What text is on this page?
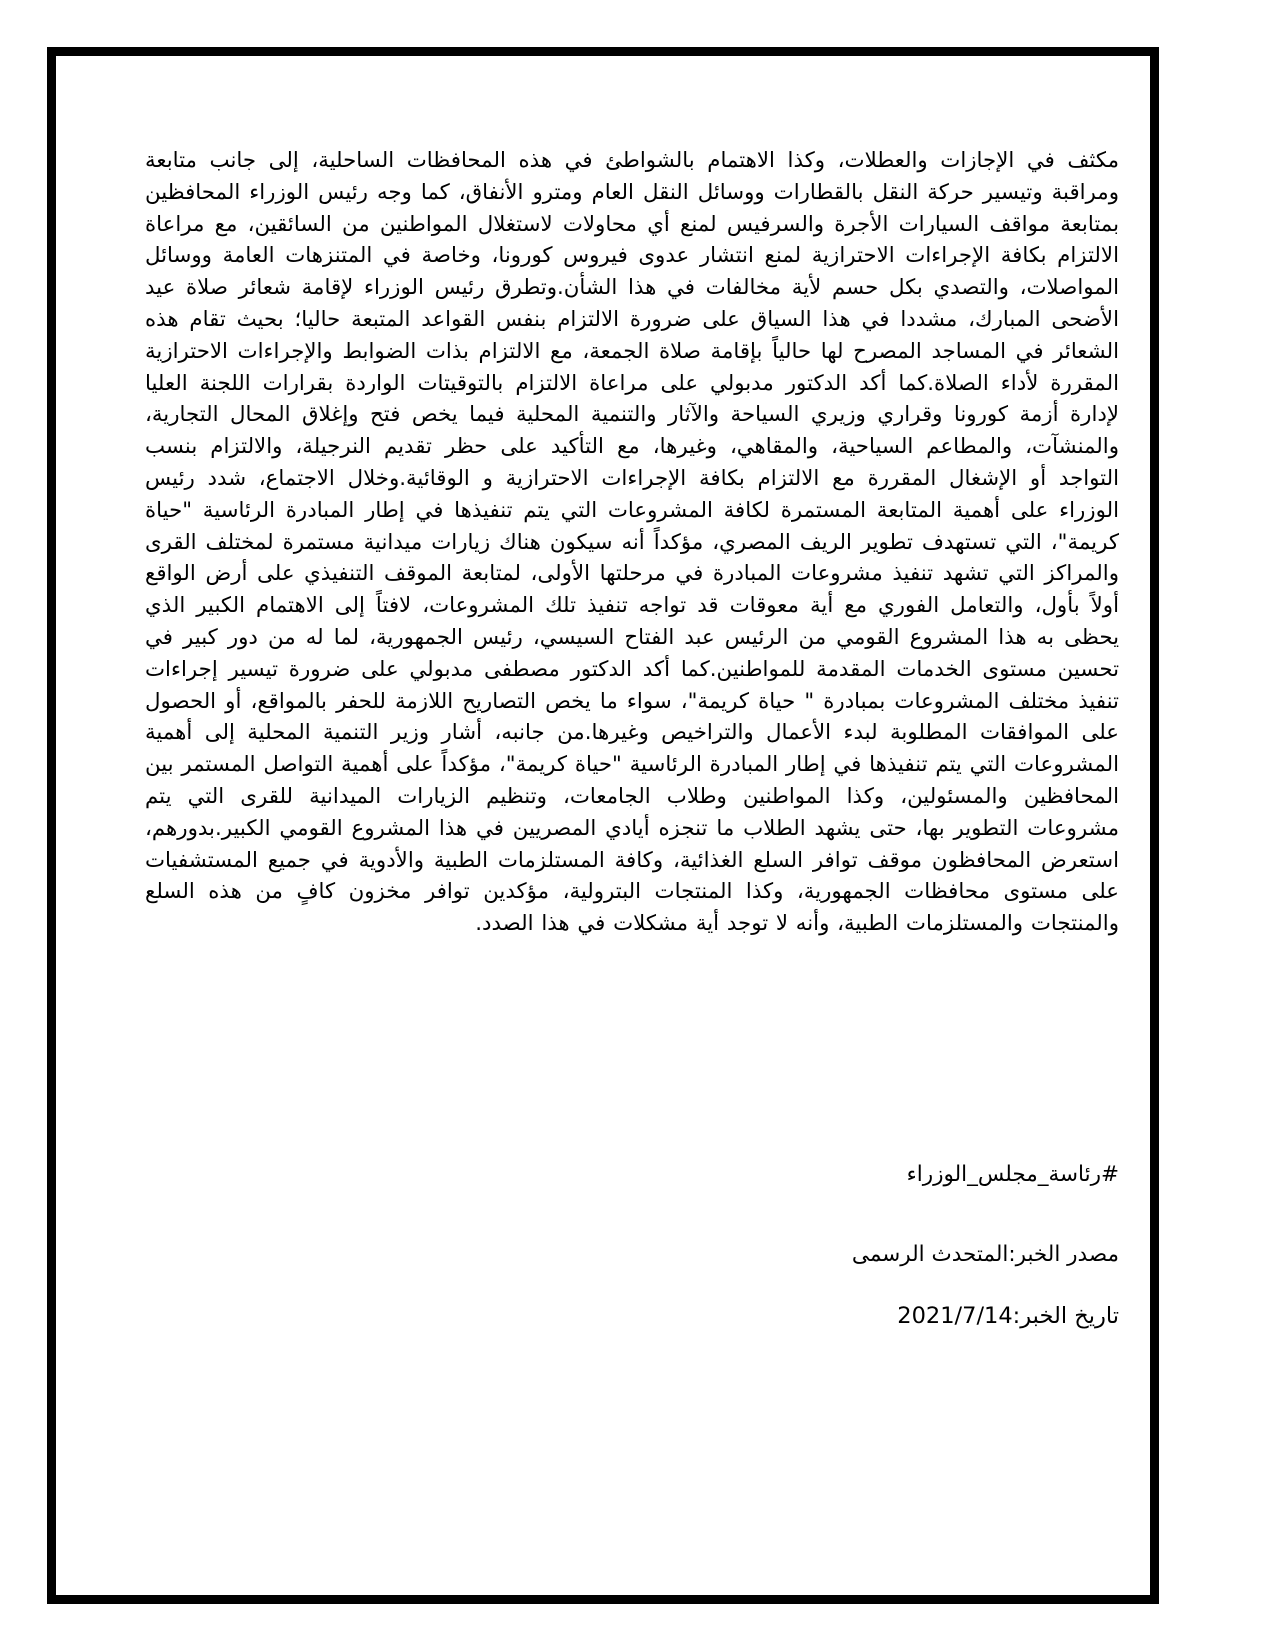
مكثف في الإجازات والعطلات، وكذا الاهتمام بالشواطئ في هذه المحافظات الساحلية، إلى جانب متابعة ومراقبة وتيسير حركة النقل بالقطارات ووسائل النقل العام ومترو الأنفاق، كما وجه رئيس الوزراء المحافظين بمتابعة مواقف السيارات الأجرة والسرفيس لمنع أي محاولات لاستغلال المواطنين من السائقين، مع مراعاة الالتزام بكافة الإجراءات الاحترازية لمنع انتشار عدوى فيروس كورونا، وخاصة في المتنزهات العامة ووسائل المواصلات، والتصدي بكل حسم لأية مخالفات في هذا الشأن.وتطرق رئيس الوزراء لإقامة شعائر صلاة عيد الأضحى المبارك، مشددا في هذا السياق على ضرورة الالتزام بنفس القواعد المتبعة حاليا؛ بحيث تقام هذه الشعائر في المساجد المصرح لها حالياً بإقامة صلاة الجمعة، مع الالتزام بذات الضوابط والإجراءات الاحترازية المقررة لأداء الصلاة.كما أكد الدكتور مدبولي على مراعاة الالتزام بالتوقيتات الواردة بقرارات اللجنة العليا لإدارة أزمة كورونا وقراري وزيري السياحة والآثار والتنمية المحلية فيما يخص فتح وإغلاق المحال التجارية، والمنشآت، والمطاعم السياحية، والمقاهي، وغيرها، مع التأكيد على حظر تقديم النرجيلة، والالتزام بنسب التواجد أو الإشغال المقررة مع الالتزام بكافة الإجراءات الاحترازية و الوقائية.وخلال الاجتماع، شدد رئيس الوزراء على أهمية المتابعة المستمرة لكافة المشروعات التي يتم تنفيذها في إطار المبادرة الرئاسية "حياة كريمة"، التي تستهدف تطوير الريف المصري، مؤكداً أنه سيكون هناك زيارات ميدانية مستمرة لمختلف القرى والمراكز التي تشهد تنفيذ مشروعات المبادرة في مرحلتها الأولى، لمتابعة الموقف التنفيذي على أرض الواقع أولاً بأول، والتعامل الفوري مع أية معوقات قد تواجه تنفيذ تلك المشروعات، لافتاً إلى الاهتمام الكبير الذي يحظى به هذا المشروع القومي من الرئيس عبد الفتاح السيسي، رئيس الجمهورية، لما له من دور كبير في تحسين مستوى الخدمات المقدمة للمواطنين.كما أكد الدكتور مصطفى مدبولي على ضرورة تيسير إجراءات تنفيذ مختلف المشروعات بمبادرة " حياة كريمة"، سواء ما يخص التصاريح اللازمة للحفر بالمواقع، أو الحصول على الموافقات المطلوبة لبدء الأعمال والتراخيص وغيرها.من جانبه، أشار وزير التنمية المحلية إلى أهمية المشروعات التي يتم تنفيذها في إطار المبادرة الرئاسية "حياة كريمة"، مؤكداً على أهمية التواصل المستمر بين المحافظين والمسئولين، وكذا المواطنين وطلاب الجامعات، وتنظيم الزيارات الميدانية للقرى التي يتم مشروعات التطوير بها، حتى يشهد الطلاب ما تنجزه أيادي المصريين في هذا المشروع القومي الكبير.بدورهم، استعرض المحافظون موقف توافر السلع الغذائية، وكافة المستلزمات الطبية والأدوية في جميع المستشفيات على مستوى محافظات الجمهورية، وكذا المنتجات البترولية، مؤكدين توافر مخزون كافٍ من هذه السلع والمنتجات والمستلزمات الطبية، وأنه لا توجد أية مشكلات في هذا الصدد.

#رئاسة_مجلس_الوزراء

مصدر الخبر:المتحدث الرسمى

تاريخ الخبر:2021/7/14
